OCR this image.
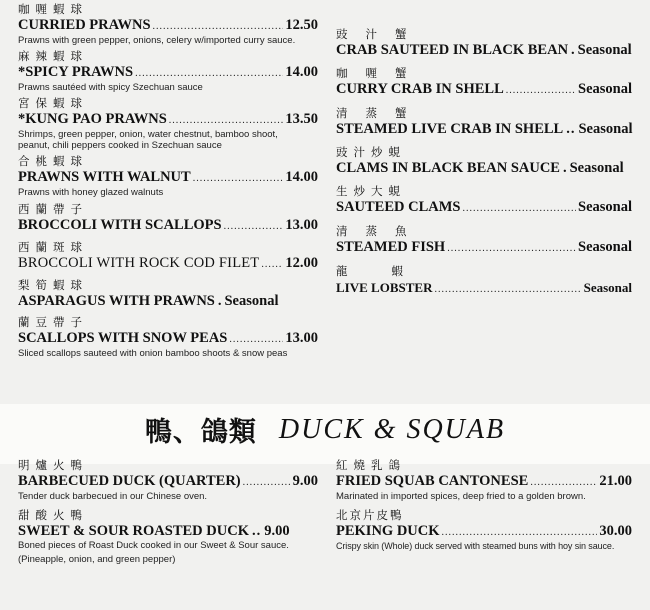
咖喱蝦球
CURRIED PRAWNS .....	12.50
Prawns with green pepper, onions, celery w/imported curry sauce.
麻辣蝦球
*SPICY PRAWNS .....	14.00
Prawns sautéed with spicy Szechuan sauce
宮保蝦球
*KUNG PAO PRAWNS .....	13.50
Shrimps, green pepper, onion, water chestnut, bamboo shoot,
peanut, chili peppers cooked in Szechuan sauce
合桃蝦球
PRAWNS WITH WALNUT .....	14.00
Prawns with honey glazed walnuts
西蘭帶子
BROCCOLI WITH SCALLOPS .....	13.00
西蘭斑球
BROCCOLI WITH ROCK COD FILET ..... 12.00
梨筍蝦球
ASPARAGUS WITH PRAWNS . Seasonal
蘭豆帶子
SCALLOPS WITH SNOW PEAS .....	13.00
Sliced scallops sauteed with onion bamboo shoots & snow peas
豉汁蟹
CRAB SAUTEED IN BLACK BEAN . Seasonal
咖喱蟹
CURRY CRAB IN SHELL .....	Seasonal
清蒸蟹
STEAMED LIVE CRAB IN SHELL .. Seasonal
豉汁炒蜆
CLAMS IN BLACK BEAN SAUCE . Seasonal
生炒大蜆
SAUTEED CLAMS .....	Seasonal
清蒸魚
STEAMED FISH .....	Seasonal
龍蝦
LIVE LOBSTER .....	Seasonal
鴨、鴿類 DUCK & SQUAB
明爐火鴨
BARBECUED DUCK (QUARTER) .....	9.00
Tender duck barbecued in our Chinese oven.
甜酸火鴨
SWEET & SOUR ROASTED DUCK .. 9.00
Boned pieces of Roast Duck cooked in our Sweet & Sour sauce.
(Pineapple, onion, and green pepper)
紅燒乳鴿
FRIED SQUAB CANTONESE .....	21.00
Marinated in imported spices, deep fried to a golden brown.
北京片皮鴨
PEKING DUCK .....	30.00
Crispy skin (Whole) duck served with steamed buns with hoy sin sauce.
